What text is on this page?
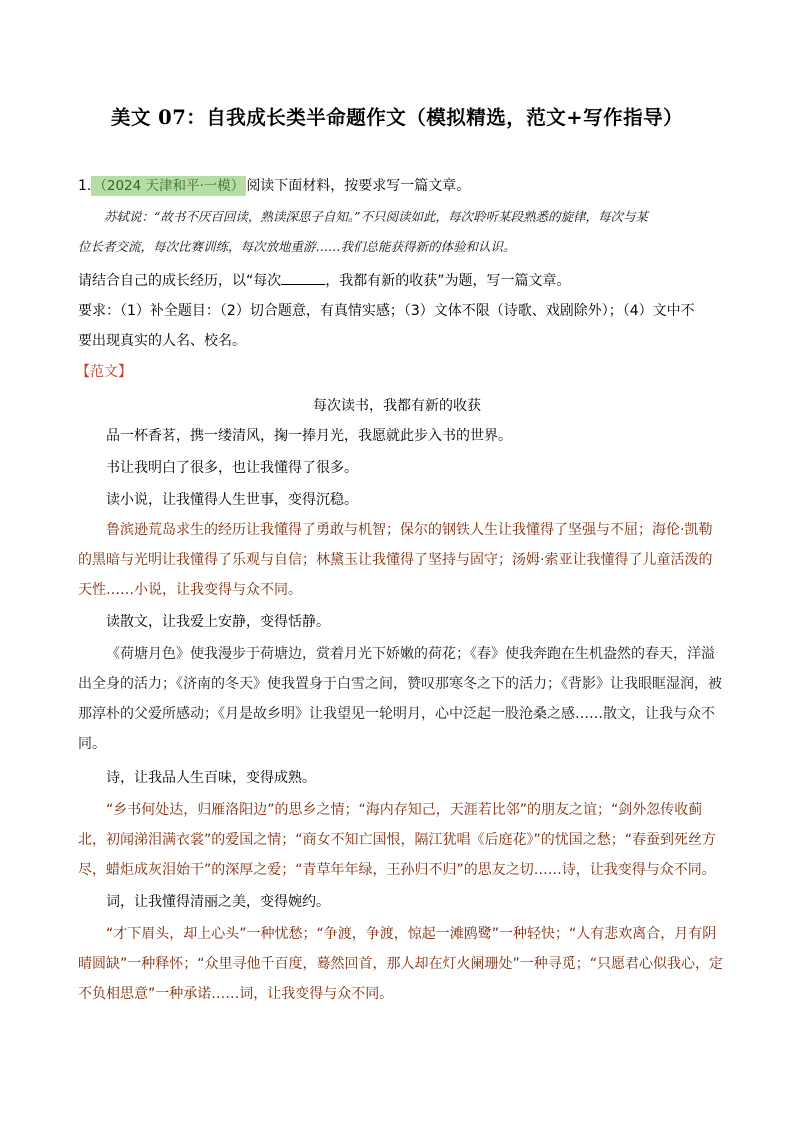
美文 07：自我成长类半命题作文（模拟精选，范文+写作指导）
1. （2024 天津和平·一模） 阅读下面材料，按要求写一篇文章。
苏轼说：“故书不厌百回读，熟读深思子自知。”不只阅读如此，每次聆听某段熟悉的旋律，每次与某
位长者交流，每次比赛训练，每次放地重游……我们总能获得新的体验和认识。
请结合自己的成长经历，以“每次	，我都有新的收获”为题，写一篇文章。
要求：（1）补全题目：（2）切合题意，有真情实感；（3）文体不限（诗歌、戏剧除外）；（4）文中不
要出现真实的人名、校名。
【范文】
每次读书，我都有新的收获
品一杯香茗，携一缕清风，掬一捧月光，我愿就此步入书的世界。
书让我明白了很多，也让我懂得了很多。
读小说，让我懂得人生世事，变得沉稳。
鲁滨逊荒岛求生的经历让我懂得了勇敢与机智；保尔的钢铁人生让我懂得了坚强与不屈；海伦·凯勒的黑暗与光明让我懂得了乐观与自信；林黛玉让我懂得了坚持与固守；汤姆·索亚让我懂得了儿童活泼的天性……小说，让我变得与众不同。
读散文，让我爱上安静，变得恬静。
《荷塘月色》使我漫步于荷塘边，赏着月光下娇嫩的荷花；《春》使我奔跑在生机盎然的春天，洋溢出全身的活力；《济南的冬天》使我置身于白雪之间，赞叹那寒冬之下的活力；《背影》让我眼眶湿润，被那淳朴的父爱所感动；《月是故乡明》让我望见一轮明月，心中泛起一股沧桑之感……散文，让我与众不同。
诗，让我品人生百味，变得成熟。
“乡书何处达，归雁洛阳边”的思乡之情；“海内存知己，天涯若比邻”的朋友之谊；“剑外忽传收蓟北，初闻涕泪满衣裳”的爱国之情；“商女不知亡国恨，隔江犹唱《后庭花》”的忧国之愁；“春蚕到死丝方尽，蜡炬成灰泪始干”的深厚之爱；“青草年年绿，王孙归不归”的思友之切……诗，让我变得与众不同。
词，让我懂得清丽之美，变得婉约。
“才下眉头，却上心头”一种忧愁；“争渡，争渡，惊起一滩鸥鹭”一种轻快；“人有悲欢离合，月有阴晴圆缺”一种释怀；“众里寻他千百度，蓦然回首，那人却在灯火阑珊处”一种寻觅；“只愿君心似我心，定不负相思意”一种承诺……词，让我变得与众不同。
